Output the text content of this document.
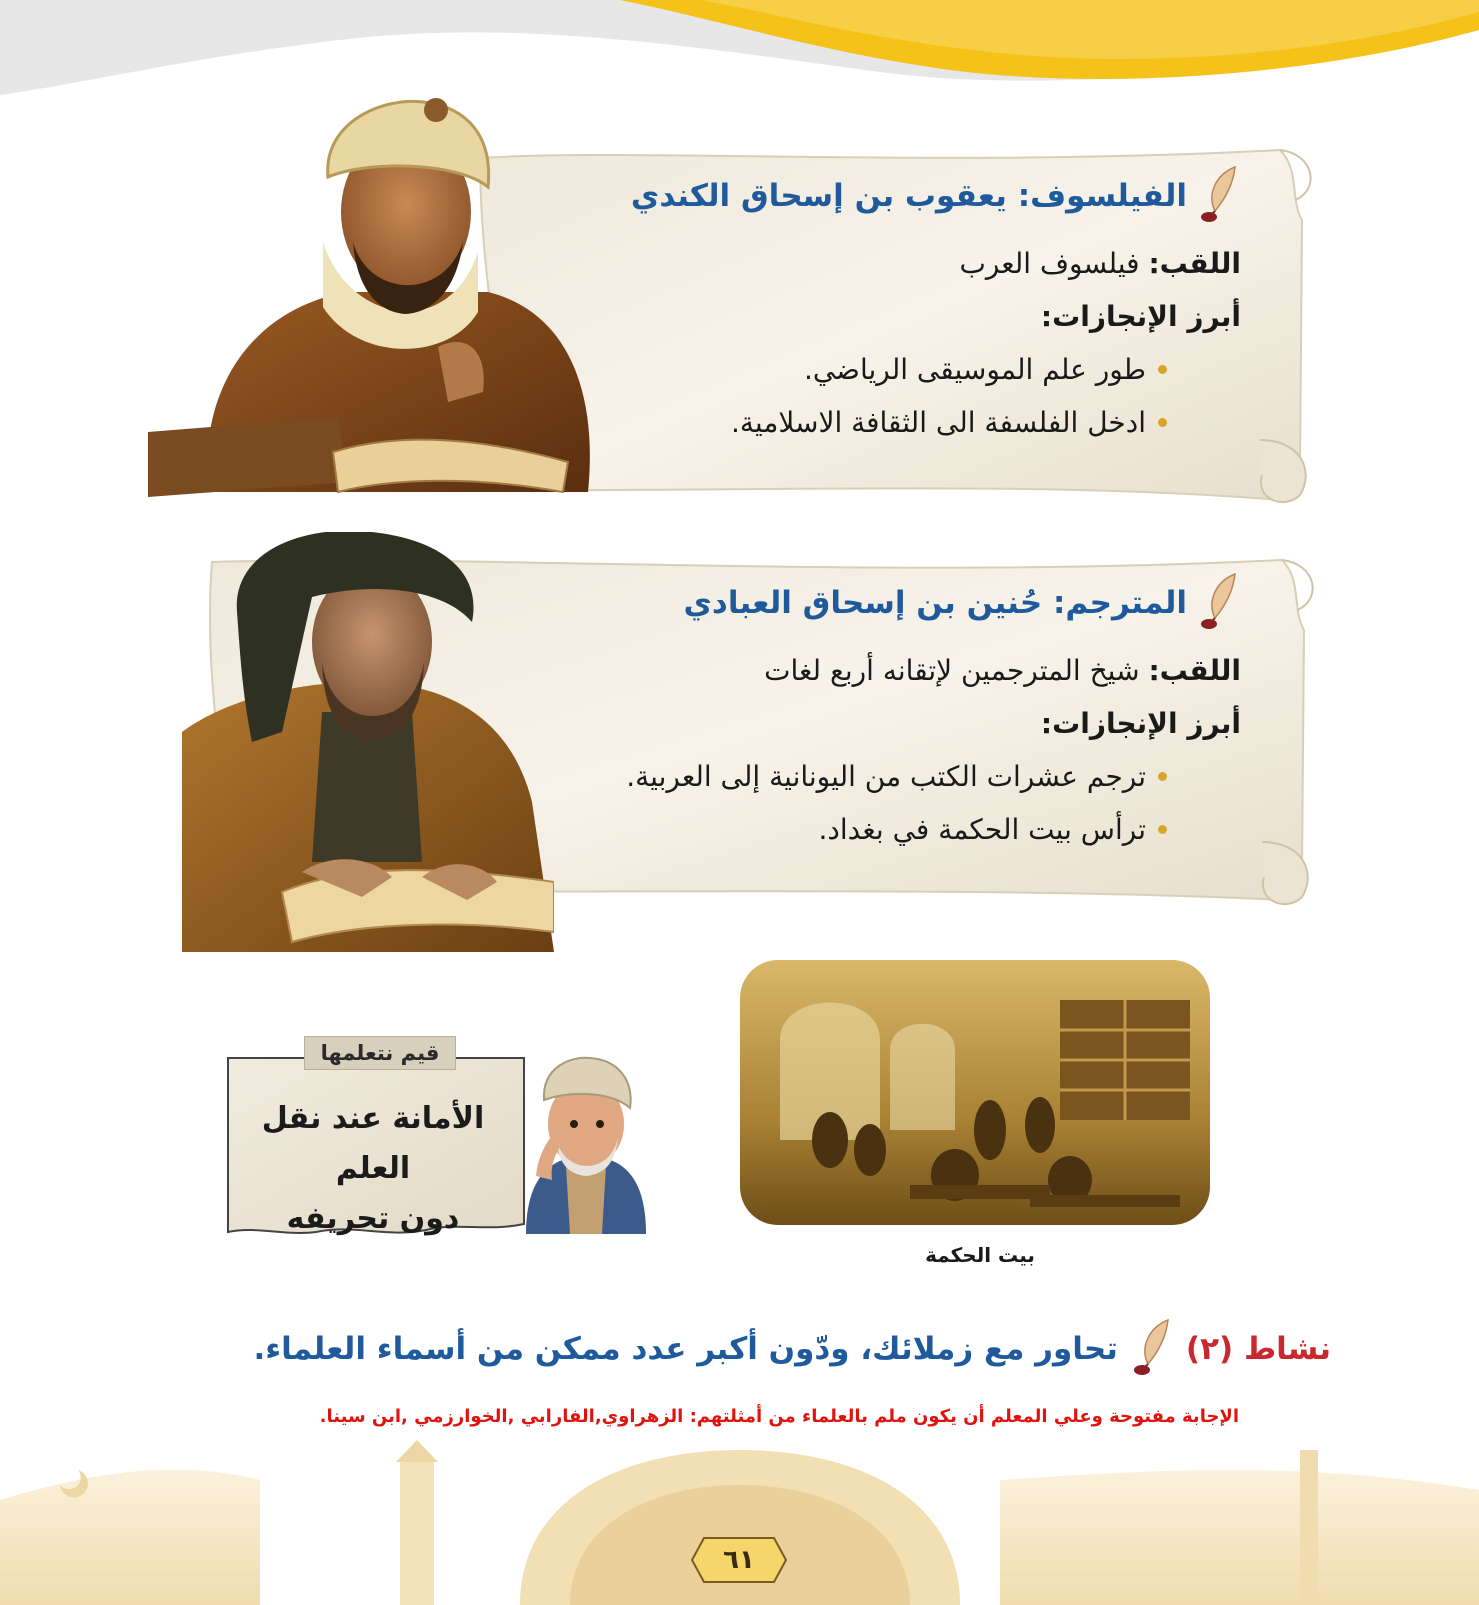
الفيلسوف: يعقوب بن إسحاق الكندي
اللقب: فيلسوف العرب
أبرز الإنجازات:
طور علم الموسيقى الرياضي.
ادخل الفلسفة الى الثقافة الاسلامية.
المترجم: حُنين بن إسحاق العبادي
اللقب: شيخ المترجمين لإتقانه أربع لغات
أبرز الإنجازات:
ترجم عشرات الكتب من اليونانية إلى العربية.
ترأس بيت الحكمة في بغداد.
قيم نتعلمها
الأمانة عند نقل العلم
دون تحريفه
بيت الحكمة
نشاط (٢)
تحاور مع زملائك، ودّون أكبر عدد ممكن من أسماء العلماء.
الإجابة مفتوحة وعلي المعلم أن يكون ملم بالعلماء من أمثلتهم: الزهراوي,الفارابي ,الخوارزمي ,ابن سينا.
٦١
